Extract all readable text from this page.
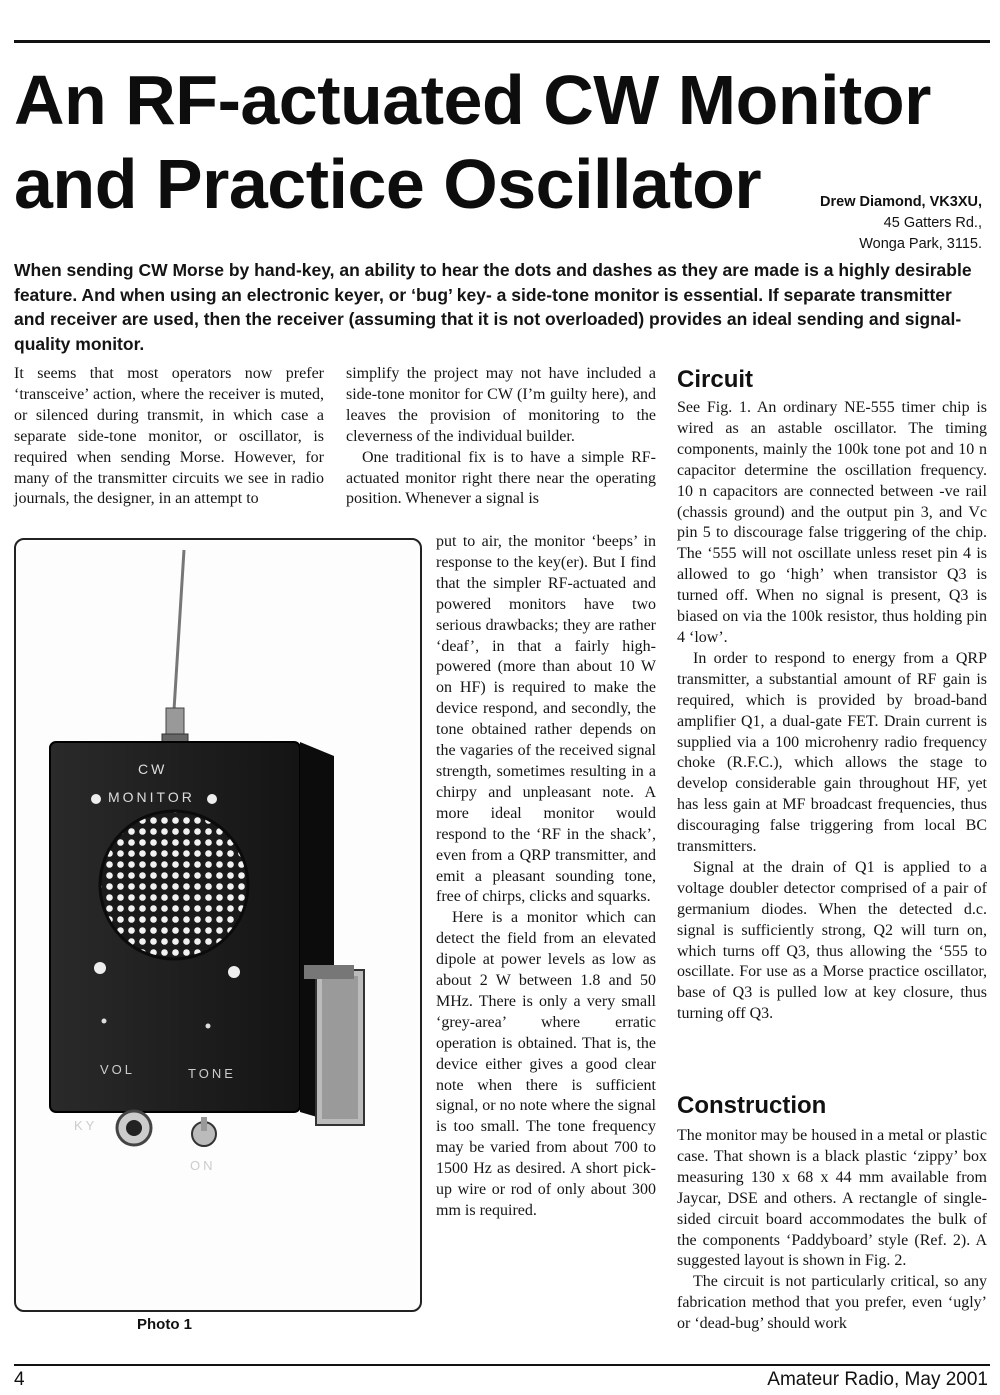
An RF-actuated CW Monitor
and Practice Oscillator	Drew Diamond, VK3XU,
45 Gatters Rd.,
Wonga Park, 3115.
When sending CW Morse by hand-key, an ability to hear the dots and dashes as they are made is a highly desirable feature. And when using an electronic keyer, or ‘bug’ key- a side-tone monitor is essential. If separate transmitter and receiver are used, then the receiver (assuming that it is not overloaded) provides an ideal sending and signal-quality monitor.

It seems that most operators now prefer ‘transceive’ action, where the receiver is muted, or silenced during transmit, in which case a separate side-tone monitor, or oscillator, is required when sending Morse. However, for many of the transmitter circuits we see in radio journals, the designer, in an attempt to

simplify the project may not have included a side-tone monitor for CW (I’m guilty here), and leaves the provision of monitoring to the cleverness of the individual builder.

One traditional fix is to have a simple RF-actuated monitor right there near the operating position. Whenever a signal is

put to air, the monitor ‘beeps’ in response to the key(er). But I find that the simpler RF-actuated and powered monitors have two serious drawbacks; they are rather ‘deaf’, in that a fairly high-powered (more than about 10 W on HF) is required to make the device respond, and secondly, the tone obtained rather depends on the vagaries of the received signal strength, sometimes resulting in a chirpy and unpleasant note. A more ideal monitor would respond to the ‘RF in the shack’, even from a QRP transmitter, and emit a pleasant sounding tone, free of chirps, clicks and squarks.

Here is a monitor which can detect the field from an elevated dipole at power levels as low as about 2 W between 1.8 and 50 MHz. There is only a very small ‘grey-area’ where erratic operation is obtained. That is, the device either gives a good clear note when there is sufficient signal, or no note where the signal is too small. The tone frequency may be varied from about 700 to 1500 Hz as desired. A short pick-up wire or rod of only about 300 mm is required.

Circuit

See Fig. 1. An ordinary NE-555 timer chip is wired as an astable oscillator. The timing components, mainly the 100k tone pot and 10 n capacitor determine the oscillation frequency. 10 n capacitors are connected between -ve rail (chassis ground) and the output pin 3, and Vc pin 5 to discourage false triggering of the chip. The ‘555 will not oscillate unless reset pin 4 is allowed to go ‘high’ when transistor Q3 is turned off. When no signal is present, Q3 is biased on via the 100k resistor, thus holding pin 4 ‘low’.

In order to respond to energy from a QRP transmitter, a substantial amount of RF gain is required, which is provided by broad-band amplifier Q1, a dual-gate FET. Drain current is supplied via a 100 microhenry radio frequency choke (R.F.C.), which allows the stage to develop considerable gain throughout HF, yet has less gain at MF broadcast frequencies, thus discouraging false triggering from local BC transmitters.

Signal at the drain of Q1 is applied to a voltage doubler detector comprised of a pair of germanium diodes. When the detected d.c. signal is sufficiently strong, Q2 will turn on, which turns off Q3, thus allowing the ‘555 to oscillate. For use as a Morse practice oscillator, base of Q3 is pulled low at key closure, thus turning off Q3.

Construction

The monitor may be housed in a metal or plastic case. That shown is a black plastic ‘zippy’ box measuring 130 x 68 x 44 mm available from Jaycar, DSE and others. A rectangle of single-sided circuit board accommodates the bulk of the components ‘Paddyboard’ style (Ref. 2). A suggested layout is shown in Fig. 2.

The circuit is not particularly critical, so any fabrication method that you prefer, even ‘ugly’ or ‘dead-bug’ should work

CW
MONITOR
VOL	TONE
KY
ON
Photo 1
4	Amateur Radio, May 2001
